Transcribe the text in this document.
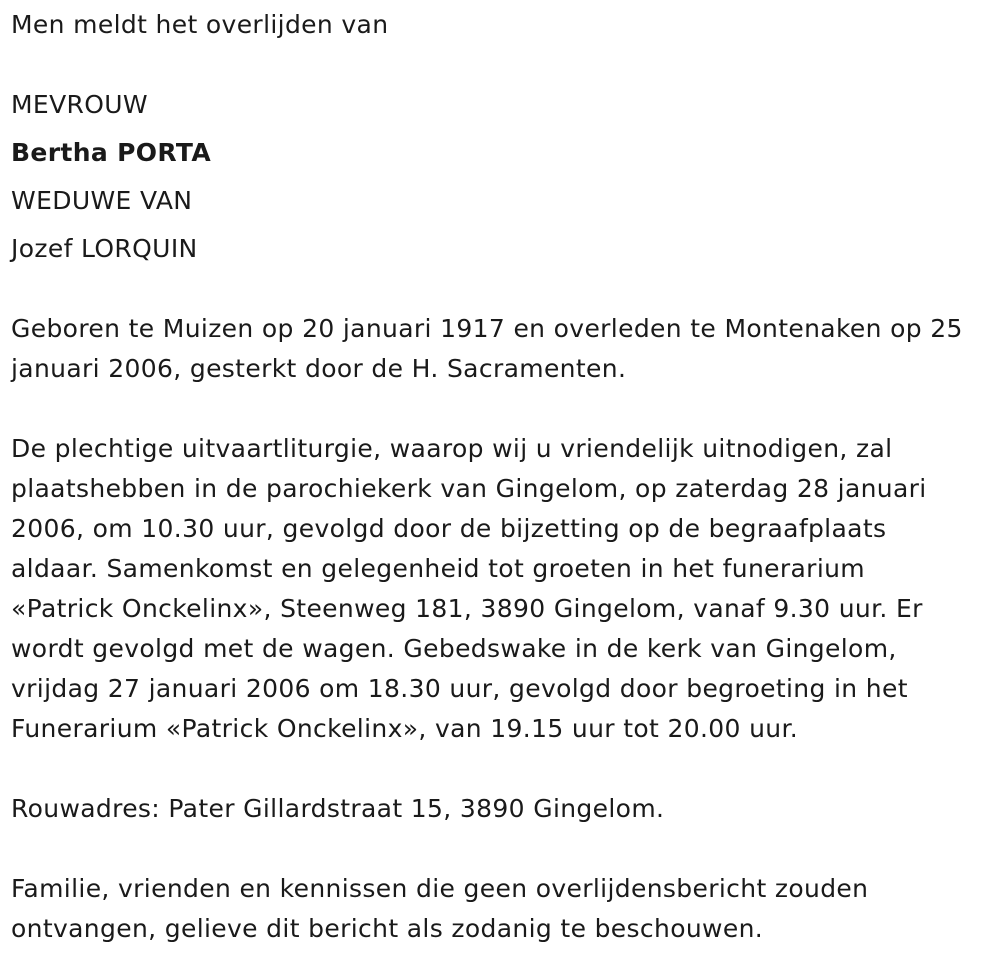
Men meldt het overlijden van
MEVROUW
Bertha PORTA
WEDUWE VAN
Jozef LORQUIN
Geboren te Muizen op 20 januari 1917 en overleden te Montenaken op 25
januari 2006, gesterkt door de H. Sacramenten.
De plechtige uitvaartliturgie, waarop wij u vriendelijk uitnodigen, zal
plaatshebben in de parochiekerk van Gingelom, op zaterdag 28 januari
2006, om 10.30 uur, gevolgd door de bijzetting op de begraafplaats
aldaar. Samenkomst en gelegenheid tot groeten in het funerarium
«Patrick Onckelinx», Steenweg 181, 3890 Gingelom, vanaf 9.30 uur. Er
wordt gevolgd met de wagen. Gebedswake in de kerk van Gingelom,
vrijdag 27 januari 2006 om 18.30 uur, gevolgd door begroeting in het
Funerarium «Patrick Onckelinx», van 19.15 uur tot 20.00 uur.
Rouwadres: Pater Gillardstraat 15, 3890 Gingelom.
Familie, vrienden en kennissen die geen overlijdensbericht zouden
ontvangen, gelieve dit bericht als zodanig te beschouwen.
